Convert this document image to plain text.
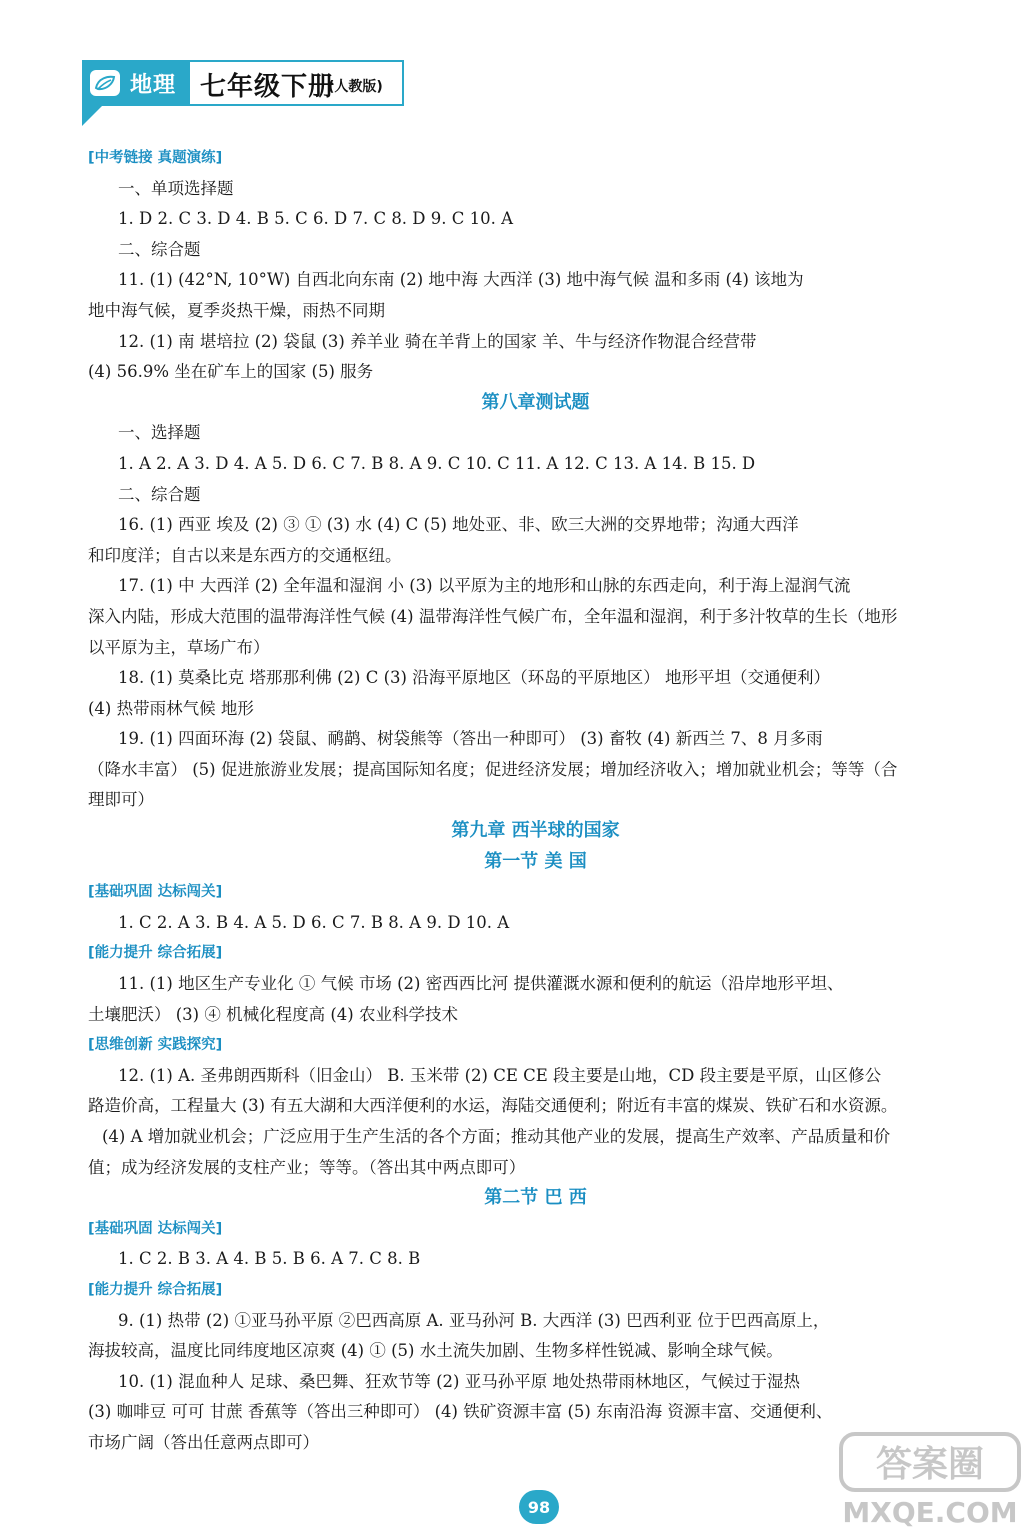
地理 七年级下册
(人教版)
[中考链接 真题演练]
一、单项选择题
1. D 2. C 3. D 4. B 5. C 6. D 7. C 8. D 9. C 10. A
二、综合题
11. (1) (42°N, 10°W) 自西北向东南 (2) 地中海 大西洋 (3) 地中海气候 温和多雨 (4) 该地为
地中海气候，夏季炎热干燥，雨热不同期
12. (1) 南 堪培拉 (2) 袋鼠 (3) 养羊业 骑在羊背上的国家 羊、牛与经济作物混合经营带
(4) 56.9% 坐在矿车上的国家 (5) 服务
第八章测试题
一、选择题
1. A 2. A 3. D 4. A 5. D 6. C 7. B 8. A 9. C 10. C 11. A 12. C 13. A 14. B 15. D
二、综合题
16. (1) 西亚 埃及 (2) ③ ① (3) 水 (4) C (5) 地处亚、非、欧三大洲的交界地带；沟通大西洋
和印度洋；自古以来是东西方的交通枢纽。
17. (1) 中 大西洋 (2) 全年温和湿润 小 (3) 以平原为主的地形和山脉的东西走向，利于海上湿润气流
深入内陆，形成大范围的温带海洋性气候 (4) 温带海洋性气候广布，全年温和湿润，利于多汁牧草的生长（地形
以平原为主，草场广布）
18. (1) 莫桑比克 塔那那利佛 (2) C (3) 沿海平原地区（环岛的平原地区） 地形平坦（交通便利）
(4) 热带雨林气候 地形
19. (1) 四面环海 (2) 袋鼠、鸸鹋、树袋熊等（答出一种即可） (3) 畜牧 (4) 新西兰 7、8 月多雨
（降水丰富） (5) 促进旅游业发展；提高国际知名度；促进经济发展；增加经济收入；增加就业机会；等等（合
理即可）
第九章 西半球的国家
第一节 美 国
[基础巩固 达标闯关]
1. C 2. A 3. B 4. A 5. D 6. C 7. B 8. A 9. D 10. A
[能力提升 综合拓展]
11. (1) 地区生产专业化 ① 气候 市场 (2) 密西西比河 提供灌溉水源和便利的航运（沿岸地形平坦、
土壤肥沃） (3) ④ 机械化程度高 (4) 农业科学技术
[思维创新 实践探究]
12. (1) A. 圣弗朗西斯科（旧金山） B. 玉米带 (2) CE CE 段主要是山地，CD 段主要是平原，山区修公
路造价高，工程量大 (3) 有五大湖和大西洋便利的水运，海陆交通便利；附近有丰富的煤炭、铁矿石和水资源。
(4) A 增加就业机会；广泛应用于生产生活的各个方面；推动其他产业的发展，提高生产效率、产品质量和价
值；成为经济发展的支柱产业；等等。（答出其中两点即可）
第二节 巴 西
[基础巩固 达标闯关]
1. C 2. B 3. A 4. B 5. B 6. A 7. C 8. B
[能力提升 综合拓展]
9. (1) 热带 (2) ①亚马孙平原 ②巴西高原 A. 亚马孙河 B. 大西洋 (3) 巴西利亚 位于巴西高原上，
海拔较高，温度比同纬度地区凉爽 (4) ① (5) 水土流失加剧、生物多样性锐减、影响全球气候。
10. (1) 混血种人 足球、桑巴舞、狂欢节等 (2) 亚马孙平原 地处热带雨林地区，气候过于湿热
(3) 咖啡豆 可可 甘蔗 香蕉等（答出三种即可） (4) 铁矿资源丰富 (5) 东南沿海 资源丰富、交通便利、
市场广阔（答出任意两点即可）
98
答案圈
MXQE.COM
